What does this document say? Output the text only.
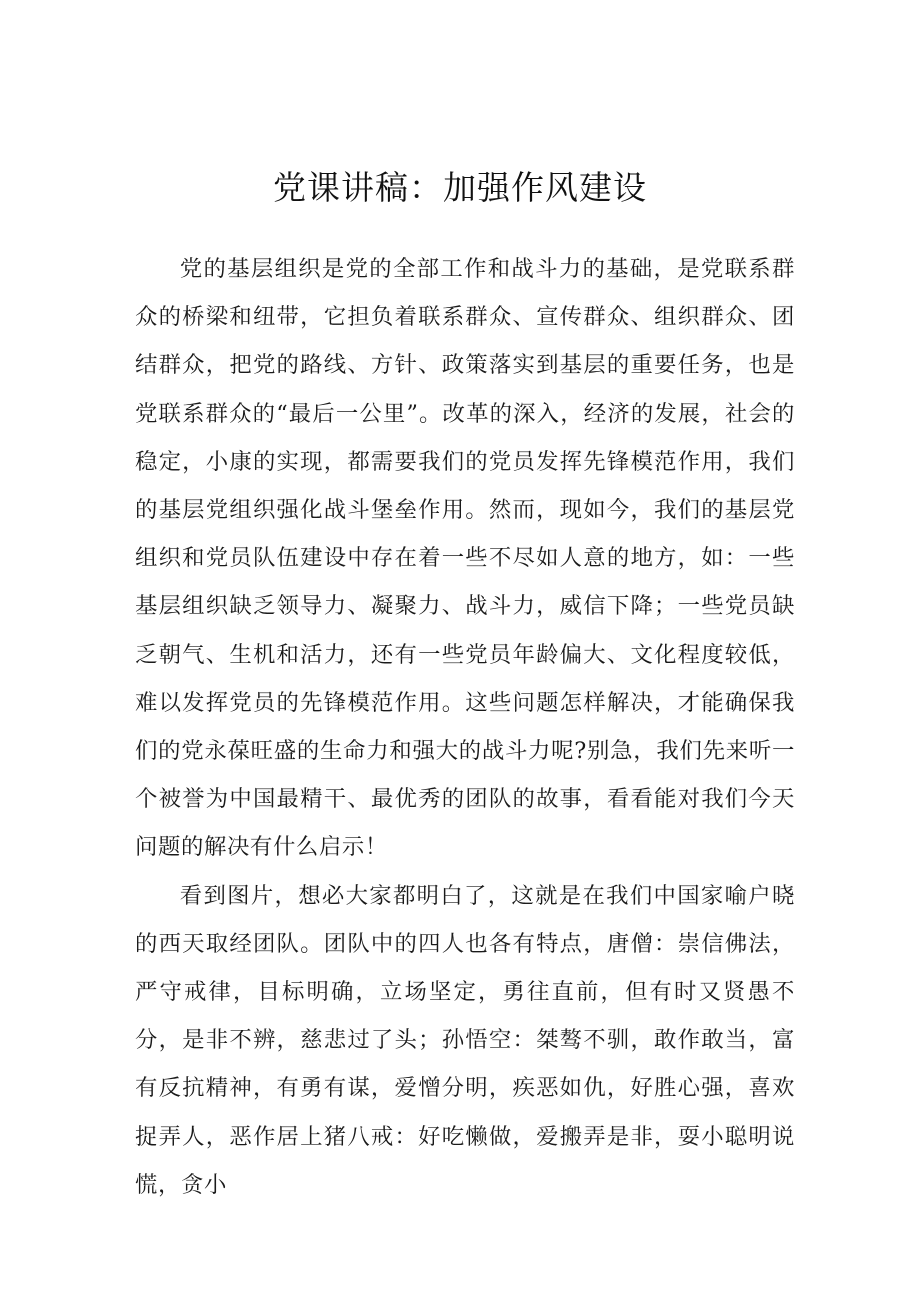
党课讲稿：加强作风建设

党的基层组织是党的全部工作和战斗力的基础，是党联系群众的桥梁和纽带，它担负着联系群众、宣传群众、组织群众、团结群众，把党的路线、方针、政策落实到基层的重要任务，也是党联系群众的“最后一公里”。改革的深入，经济的发展，社会的稳定，小康的实现，都需要我们的党员发挥先锋模范作用，我们的基层党组织强化战斗堡垒作用。然而，现如今，我们的基层党组织和党员队伍建设中存在着一些不尽如人意的地方，如：一些基层组织缺乏领导力、凝聚力、战斗力，威信下降；一些党员缺乏朝气、生机和活力，还有一些党员年龄偏大、文化程度较低，难以发挥党员的先锋模范作用。这些问题怎样解决，才能确保我们的党永葆旺盛的生命力和强大的战斗力呢?别急，我们先来听一个被誉为中国最精干、最优秀的团队的故事，看看能对我们今天问题的解决有什么启示！

看到图片，想必大家都明白了，这就是在我们中国家喻户晓的西天取经团队。团队中的四人也各有特点，唐僧：崇信佛法，严守戒律，目标明确，立场坚定，勇往直前，但有时又贤愚不分，是非不辨，慈悲过了头；孙悟空：桀骜不驯，敢作敢当，富有反抗精神，有勇有谋，爱憎分明，疾恶如仇，好胜心强，喜欢捉弄人，恶作居上猪八戒：好吃懒做，爱搬弄是非，耍小聪明说慌，贪小
